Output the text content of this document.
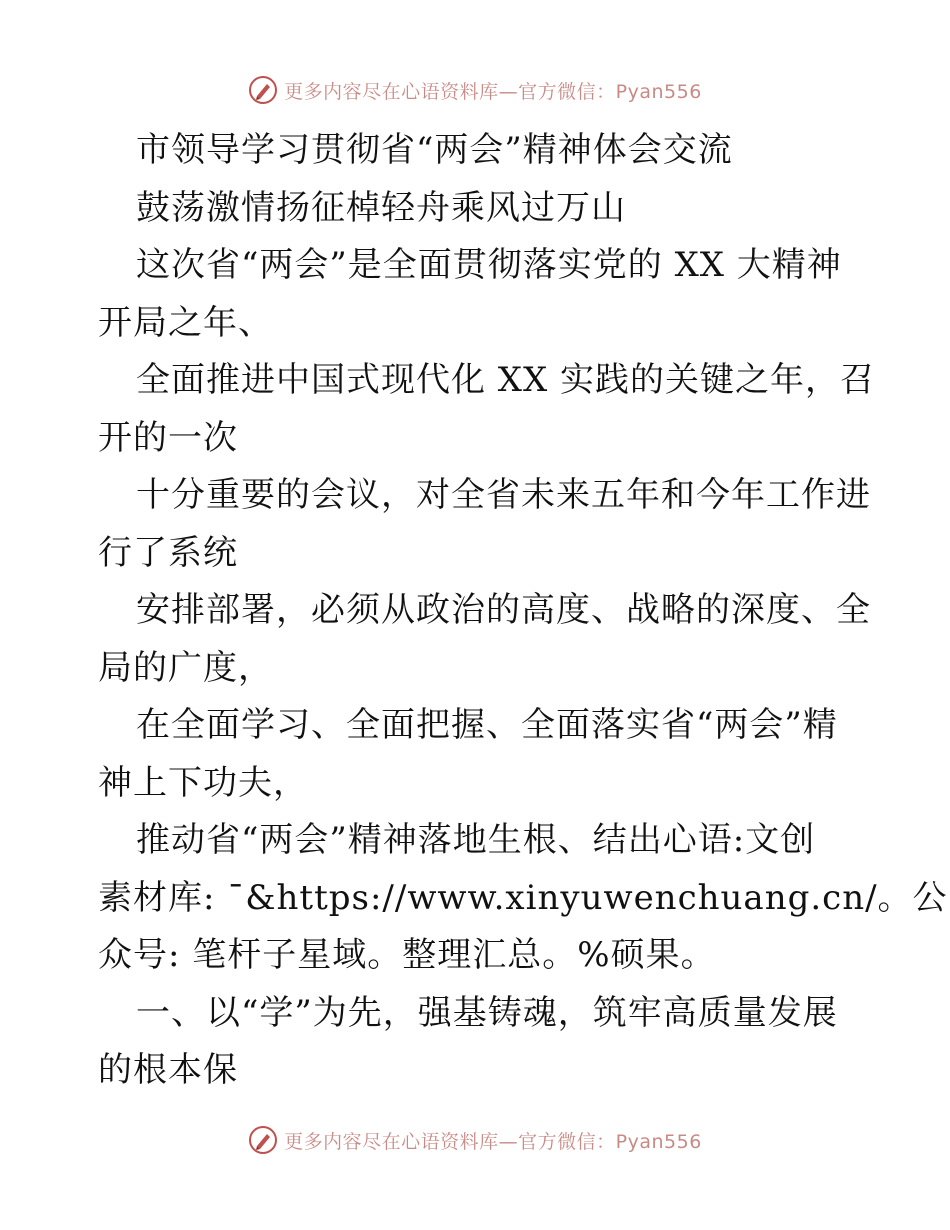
更多内容尽在心语资料库—官方微信：Pyan556
市领导学习贯彻省“两会”精神体会交流
鼓荡激情扬征棹轻舟乘风过万山
这次省“两会”是全面贯彻落实党的 XX 大精神
开局之年、
全面推进中国式现代化 XX 实践的关键之年，召
开的一次
十分重要的会议，对全省未来五年和今年工作进
行了系统
安排部署，必须从政治的高度、战略的深度、全
局的广度，
在全面学习、全面把握、全面落实省“两会”精
神上下功夫，
推动省“两会”精神落地生根、结出心语:文创
素材库: ¯&https://www.xinyuwenchuang.cn/。公
众号: 笔杆子星域。整理汇总。%硕果。
一、以“学”为先，强基铸魂，筑牢高质量发展
的根本保
更多内容尽在心语资料库—官方微信：Pyan556
